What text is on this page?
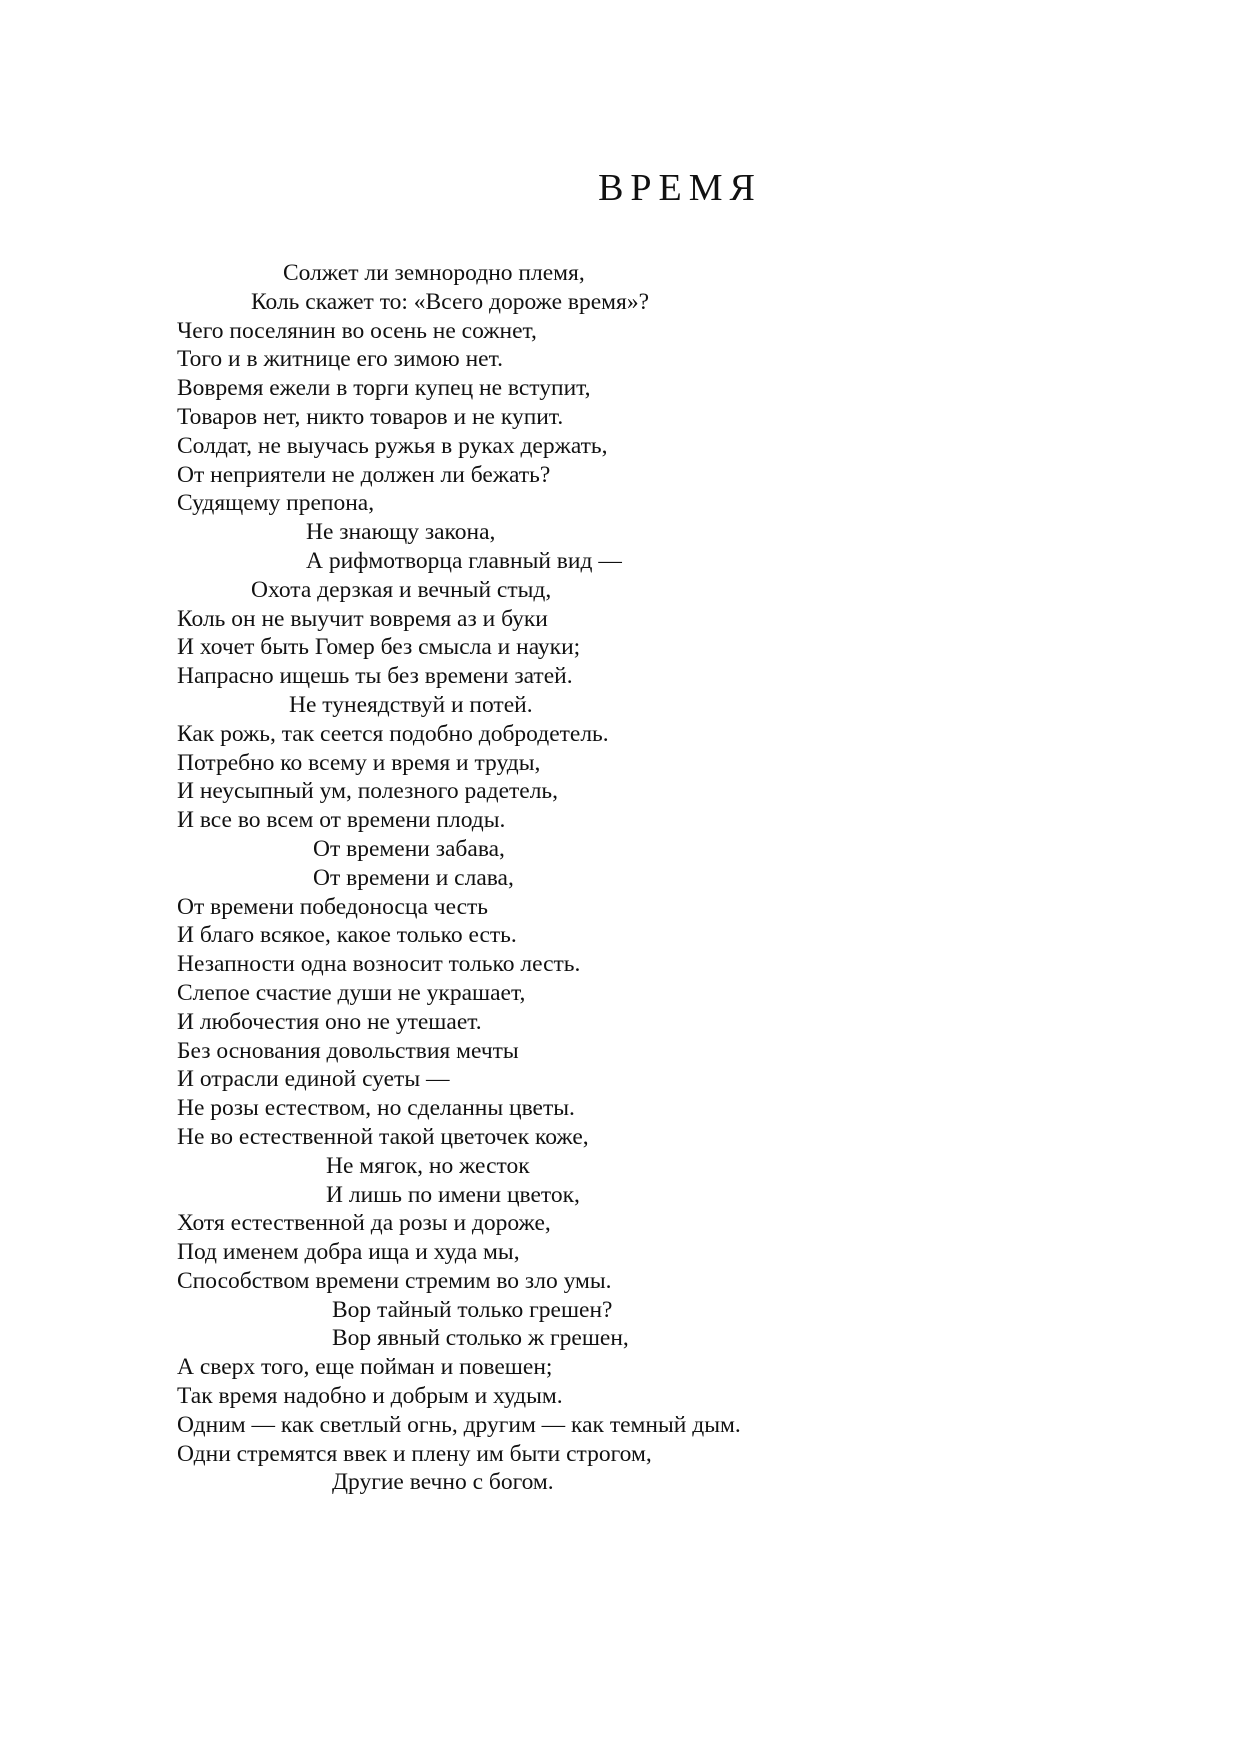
ВРЕМЯ
Солжет ли земнородно племя,
Коль скажет то: «Всего дороже время»?
Чего поселянин во осень не сожнет,
Того и в житнице его зимою нет.
Вовремя ежели в торги купец не вступит,
Товаров нет, никто товаров и не купит.
Солдат, не выучась ружья в руках держать,
От неприятели не должен ли бежать?
Судящему препона,
Не знающу закона,
А рифмотворца главный вид —
Охота дерзкая и вечный стыд,
Коль он не выучит вовремя аз и буки
И хочет быть Гомер без смысла и науки;
Напрасно ищешь ты без времени затей.
Не тунеядствуй и потей.
Как рожь, так сеется подобно добродетель.
Потребно ко всему и время и труды,
И неусыпный ум, полезного радетель,
И все во всем от времени плоды.
От времени забава,
От времени и слава,
От времени победоносца честь
И благо всякое, какое только есть.
Незапности одна возносит только лесть.
Слепое счастие души не украшает,
И любочестия оно не утешает.
Без основания довольствия мечты
И отрасли единой суеты —
Не розы естеством, но сделанны цветы.
Не во естественной такой цветочек коже,
Не мягок, но жесток
И лишь по имени цветок,
Хотя естественной да розы и дороже,
Под именем добра ища и худа мы,
Способством времени стремим во зло умы.
Вор тайный только грешен?
Вор явный столько ж грешен,
А сверх того, еще пойман и повешен;
Так время надобно и добрым и худым.
Одним — как светлый огнь, другим — как темный дым.
Одни стремятся ввек и плену им быти строгом,
Другие вечно с богом.
